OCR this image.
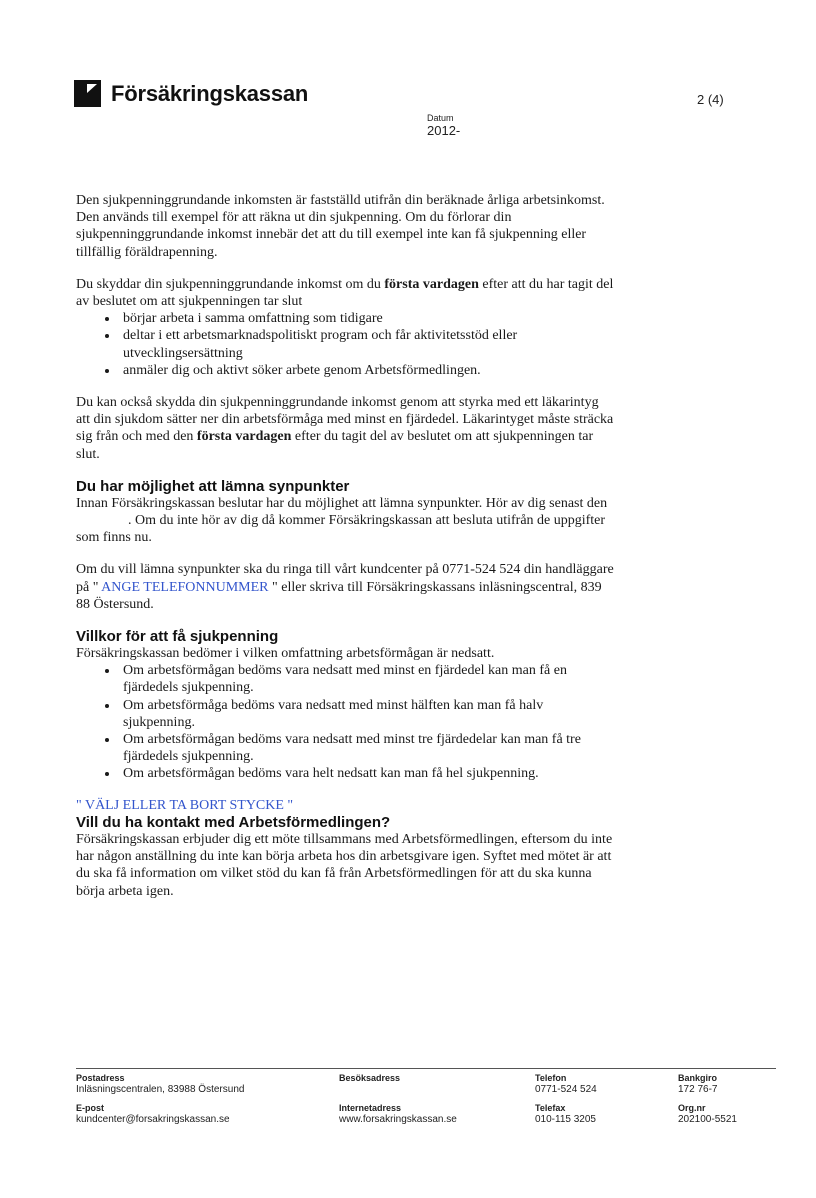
Försäkringskassan	2 (4)
Datum
2012-

Den sjukpenninggrundande inkomsten är fastställd utifrån din beräknade årliga arbetsinkomst. Den används till exempel för att räkna ut din sjukpenning. Om du förlorar din sjukpenninggrundande inkomst innebär det att du till exempel inte kan få sjukpenning eller tillfällig föräldrapenning.

Du skyddar din sjukpenninggrundande inkomst om du första vardagen efter att du har tagit del av beslutet om att sjukpenningen tar slut

• börjar arbeta i samma omfattning som tidigare
• deltar i ett arbetsmarknadspolitiskt program och får aktivitetsstöd eller utvecklingsersättning
• anmäler dig och aktivt söker arbete genom Arbetsförmedlingen.

Du kan också skydda din sjukpenninggrundande inkomst genom att styrka med ett läkarintyg att din sjukdom sätter ner din arbetsförmåga med minst en fjärdedel. Läkarintyget måste sträcka sig från och med den första vardagen efter du tagit del av beslutet om att sjukpenningen tar slut.

Du har möjlighet att lämna synpunkter

Innan Försäkringskassan beslutar har du möjlighet att lämna synpunkter. Hör av dig senast den. Om du inte hör av dig då kommer Försäkringskassan att besluta utifrån de uppgifter som finns nu.

Om du vill lämna synpunkter ska du ringa till vårt kundcenter på 0771-524 524 din handläggare på " ANGE TELEFONNUMMER " eller skriva till Försäkringskassans inläsningscentral, 839 88 Östersund.

Villkor för att få sjukpenning

Försäkringskassan bedömer i vilken omfattning arbetsförmågan är nedsatt.

• Om arbetsförmågan bedöms vara nedsatt med minst en fjärdedel kan man få en fjärdedels sjukpenning.
• Om arbetsförmåga bedöms vara nedsatt med minst hälften kan man få halv sjukpenning.
• Om arbetsförmågan bedöms vara nedsatt med minst tre fjärdedelar kan man få tre fjärdedels sjukpenning.
• Om arbetsförmågan bedöms vara helt nedsatt kan man få hel sjukpenning.
" VÄLJ ELLER TA BORT STYCKE "
Vill du ha kontakt med Arbetsförmedlingen?

Försäkringskassan erbjuder dig ett möte tillsammans med Arbetsförmedlingen, eftersom du inte har någon anställning du inte kan börja arbeta hos din arbetsgivare igen. Syftet med mötet är att du ska få information om vilket stöd du kan få från Arbetsförmedlingen för att du ska kunna börja arbeta igen.

Postadress
Inläsningscentralen, 83988 Östersund
E-post
kundcenter@forsakringskassan.se
Besöksadress
Internetadress
www.forsakringskassan.se
Telefon
0771-524 524
Telefax
010-115 3205
Bankgiro
172 76-7
Org.nr
202100-5521
